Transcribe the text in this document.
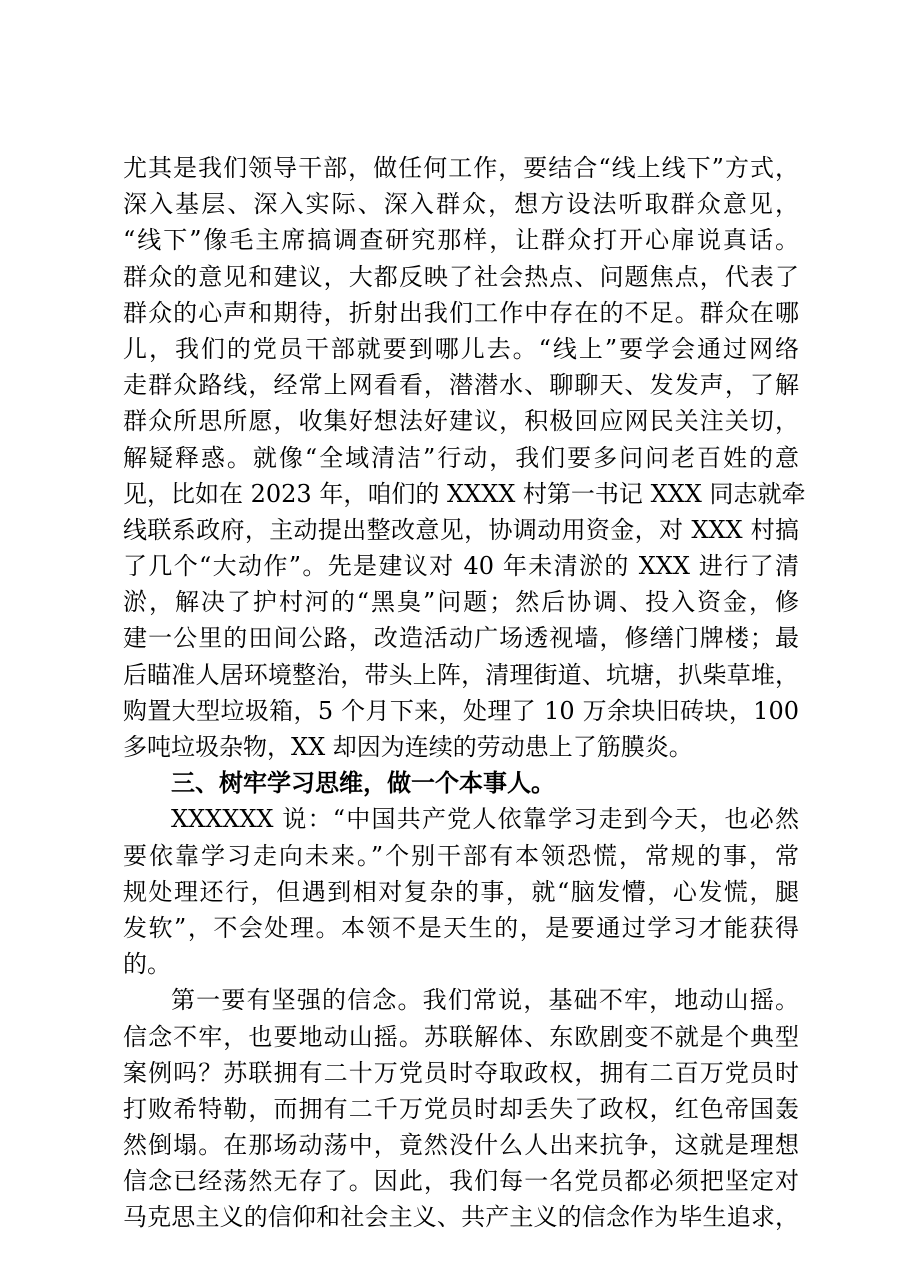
尤其是我们领导干部，做任何工作，要结合“线上线下”方式，
深入基层、深入实际、深入群众，想方设法听取群众意见，
“线下”像毛主席搞调查研究那样，让群众打开心扉说真话。
群众的意见和建议，大都反映了社会热点、问题焦点，代表了
群众的心声和期待，折射出我们工作中存在的不足。群众在哪
儿，我们的党员干部就要到哪儿去。“线上”要学会通过网络
走群众路线，经常上网看看，潜潜水、聊聊天、发发声，了解
群众所思所愿，收集好想法好建议，积极回应网民关注关切，
解疑释惑。就像“全域清洁”行动，我们要多问问老百姓的意
见，比如在 2023 年，咱们的 XXXX 村第一书记 XXX 同志就牵
线联系政府，主动提出整改意见，协调动用资金，对 XXX 村搞
了几个“大动作”。先是建议对 40 年未清淤的 XXX 进行了清
淤，解决了护村河的“黑臭”问题；然后协调、投入资金，修
建一公里的田间公路，改造活动广场透视墙，修缮门牌楼；最
后瞄准人居环境整治，带头上阵，清理街道、坑塘，扒柴草堆，
购置大型垃圾箱，5 个月下来，处理了 10 万余块旧砖块，100
多吨垃圾杂物，XX 却因为连续的劳动患上了筋膜炎。
三、树牢学习思维，做一个本事人。
XXXXXX 说：“中国共产党人依靠学习走到今天，也必然
要依靠学习走向未来。”个别干部有本领恐慌，常规的事，常
规处理还行，但遇到相对复杂的事，就“脑发懵，心发慌，腿
发软”，不会处理。本领不是天生的，是要通过学习才能获得
的。
第一要有坚强的信念。我们常说，基础不牢，地动山摇。
信念不牢，也要地动山摇。苏联解体、东欧剧变不就是个典型
案例吗？苏联拥有二十万党员时夺取政权，拥有二百万党员时
打败希特勒，而拥有二千万党员时却丢失了政权，红色帝国轰
然倒塌。在那场动荡中，竟然没什么人出来抗争，这就是理想
信念已经荡然无存了。因此，我们每一名党员都必须把坚定对
马克思主义的信仰和社会主义、共产主义的信念作为毕生追求，
